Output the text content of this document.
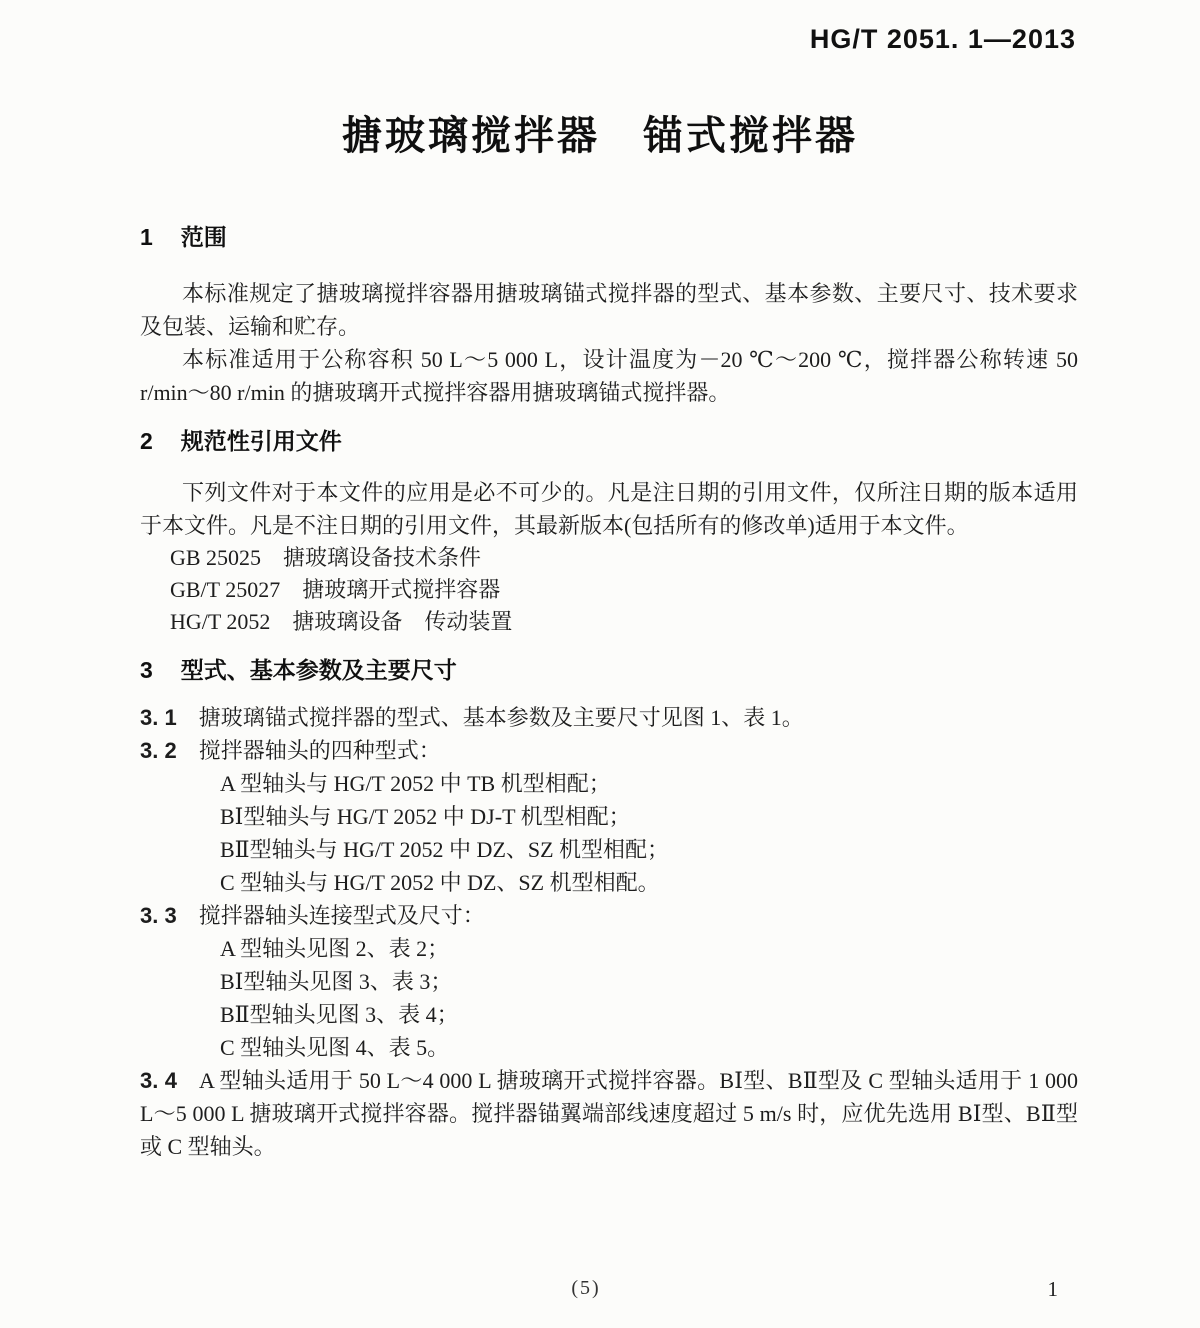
HG/T 2051. 1—2013
搪玻璃搅拌器　锚式搅拌器
1 范围

本标准规定了搪玻璃搅拌容器用搪玻璃锚式搅拌器的型式、基本参数、主要尺寸、技术要求及包装、运输和贮存。

本标准适用于公称容积 50 L～5 000 L，设计温度为－20 ℃～200 ℃，搅拌器公称转速 50 r/min～80 r/min 的搪玻璃开式搅拌容器用搪玻璃锚式搅拌器。

2 规范性引用文件

下列文件对于本文件的应用是必不可少的。凡是注日期的引用文件，仅所注日期的版本适用于本文件。凡是不注日期的引用文件，其最新版本(包括所有的修改单)适用于本文件。

GB 25025　搪玻璃设备技术条件

GB/T 25027　搪玻璃开式搅拌容器

HG/T 2052　搪玻璃设备　传动装置

3 型式、基本参数及主要尺寸

3. 1 搪玻璃锚式搅拌器的型式、基本参数及主要尺寸见图 1、表 1。

3. 2 搅拌器轴头的四种型式：

A 型轴头与 HG/T 2052 中 TB 机型相配；

BⅠ型轴头与 HG/T 2052 中 DJ-T 机型相配；

BⅡ型轴头与 HG/T 2052 中 DZ、SZ 机型相配；

C 型轴头与 HG/T 2052 中 DZ、SZ 机型相配。

3. 3 搅拌器轴头连接型式及尺寸：

A 型轴头见图 2、表 2；

BⅠ型轴头见图 3、表 3；

BⅡ型轴头见图 3、表 4；

C 型轴头见图 4、表 5。

3. 4 A 型轴头适用于 50 L～4 000 L 搪玻璃开式搅拌容器。BⅠ型、BⅡ型及 C 型轴头适用于 1 000 L～5 000 L 搪玻璃开式搅拌容器。搅拌器锚翼端部线速度超过 5 m/s 时，应优先选用 BⅠ型、BⅡ型或 C 型轴头。

(5)	1
